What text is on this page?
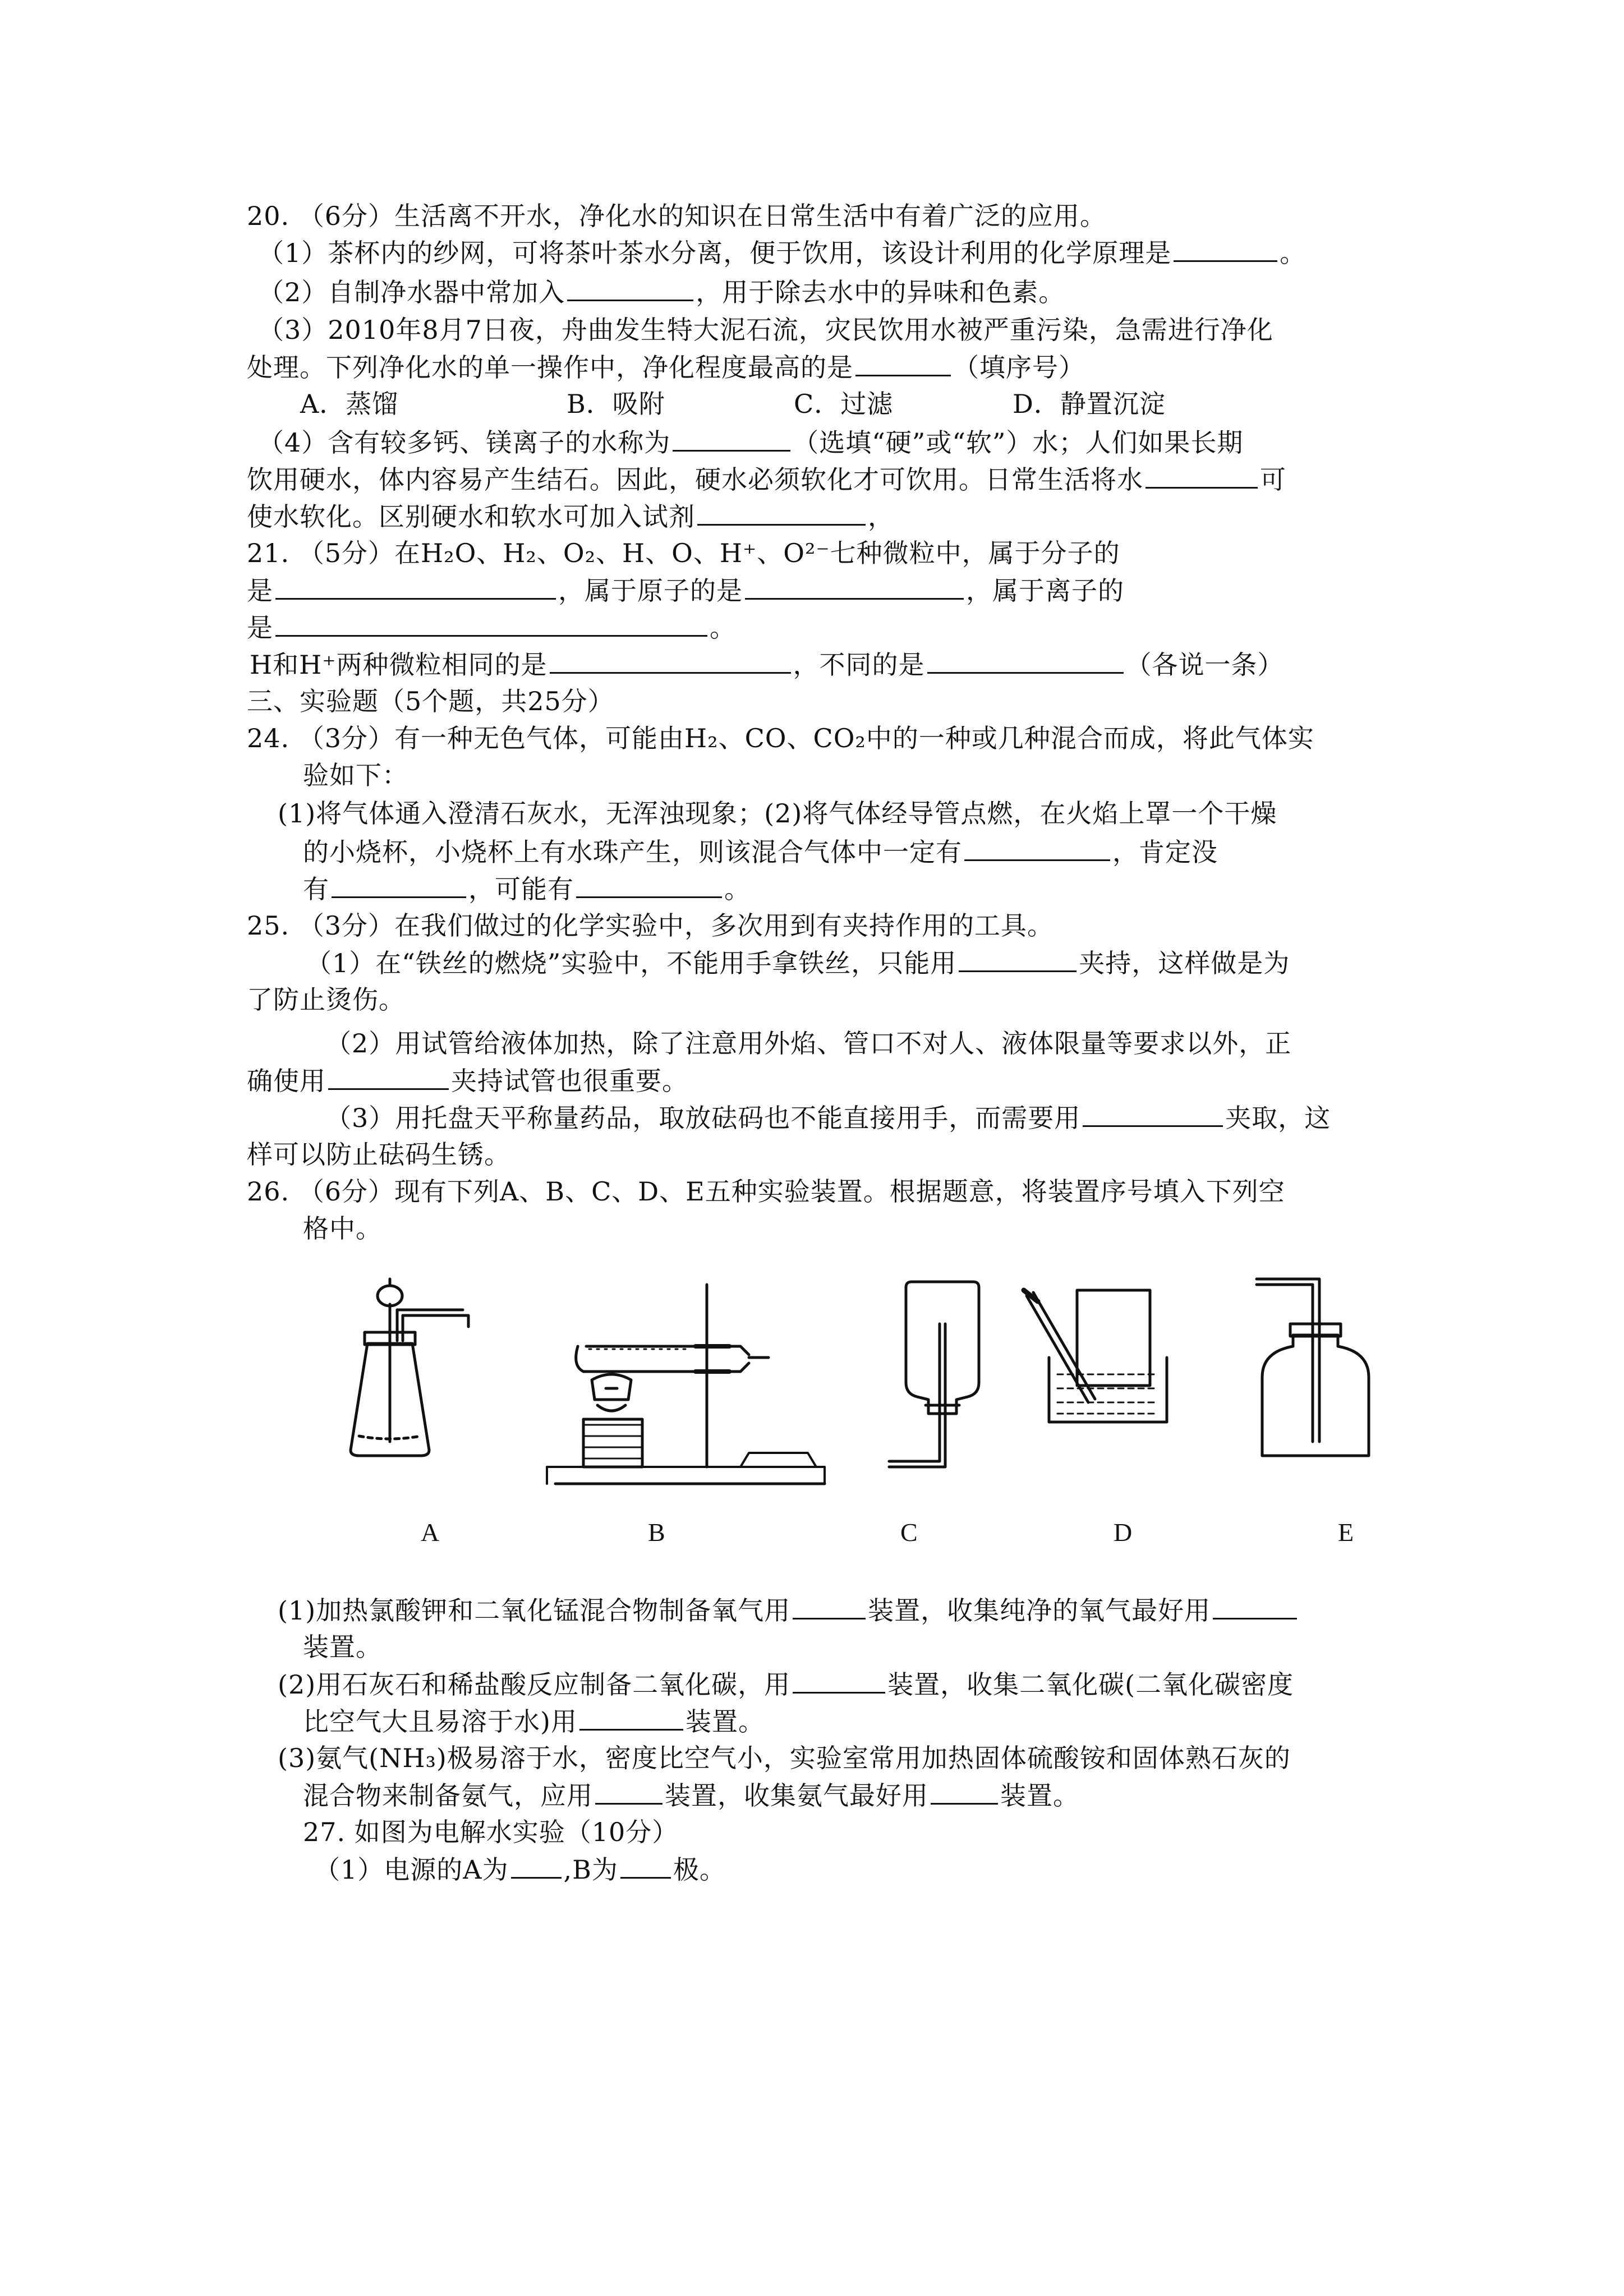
20. （6分）生活离不开水，净化水的知识在日常生活中有着广泛的应用。
（1）茶杯内的纱网，可将茶叶茶水分离，便于饮用，该设计利用的化学原理是	。
（2）自制净水器中常加入	，用于除去水中的异味和色素。
（3）2010年8月7日夜，舟曲发生特大泥石流，灾民饮用水被严重污染，急需进行净化
处理。下列净化水的单一操作中，净化程度最高的是	（填序号）
A．蒸馏	B．吸附	C．过滤	D．静置沉淀
（4）含有较多钙、镁离子的水称为	（选填“硬”或“软”）水；人们如果长期
饮用硬水，体内容易产生结石。因此，硬水必须软化才可饮用。日常生活将水	可
使水软化。区别硬水和软水可加入试剂	，
21. （5分）在H₂O、H₂、O₂、H、O、H⁺、O²⁻七种微粒中，属于分子的
是	，属于原子的是	，属于离子的
是	。
H和H⁺两种微粒相同的是	，不同的是	（各说一条）
三、实验题（5个题，共25分）
24. （3分）有一种无色气体，可能由H₂、CO、CO₂中的一种或几种混合而成，将此气体实
验如下：
(1)将气体通入澄清石灰水，无浑浊现象；(2)将气体经导管点燃，在火焰上罩一个干燥
的小烧杯，小烧杯上有水珠产生，则该混合气体中一定有	，肯定没
有	，可能有	。
25. （3分）在我们做过的化学实验中，多次用到有夹持作用的工具。
（1）在“铁丝的燃烧”实验中，不能用手拿铁丝，只能用	夹持，这样做是为
了防止烫伤。
（2）用试管给液体加热，除了注意用外焰、管口不对人、液体限量等要求以外，正
确使用	夹持试管也很重要。
（3）用托盘天平称量药品，取放砝码也不能直接用手，而需要用	夹取，这
样可以防止砝码生锈。
26. （6分）现有下列A、B、C、D、E五种实验装置。根据题意，将装置序号填入下列空
格中。
A	B	C	D	E
(1)加热氯酸钾和二氧化锰混合物制备氧气用	装置，收集纯净的氧气最好用
装置。
(2)用石灰石和稀盐酸反应制备二氧化碳，用	装置，收集二氧化碳(二氧化碳密度
比空气大且易溶于水)用	装置。
(3)氨气(NH₃)极易溶于水，密度比空气小，实验室常用加热固体硫酸铵和固体熟石灰的
混合物来制备氨气，应用	装置，收集氨气最好用	装置。
27. 如图为电解水实验（10分）
（1）电源的A为 ,B为 极。
